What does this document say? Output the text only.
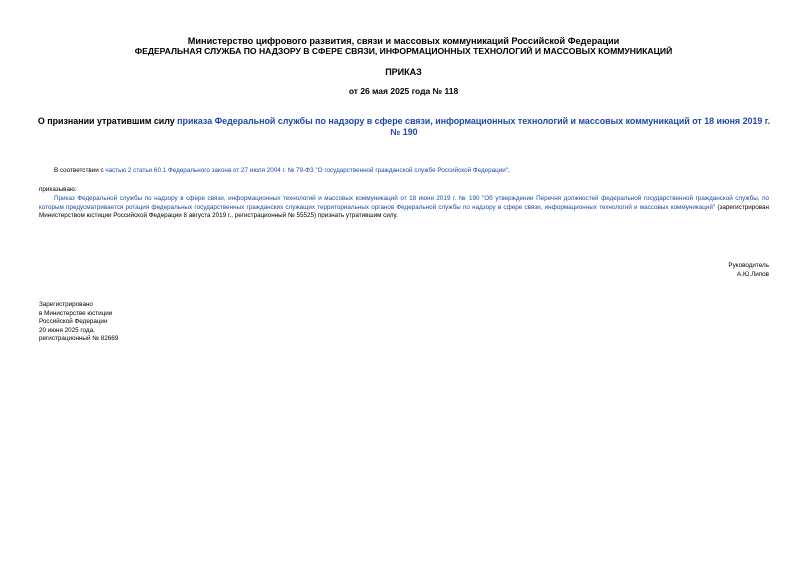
Министерство цифрового развития, связи и массовых коммуникаций Российской Федерации
ФЕДЕРАЛЬНАЯ СЛУЖБА ПО НАДЗОРУ В СФЕРЕ СВЯЗИ, ИНФОРМАЦИОННЫХ ТЕХНОЛОГИЙ И МАССОВЫХ КОММУНИКАЦИЙ
ПРИКАЗ
от 26 мая 2025 года № 118
О признании утратившим силу приказа Федеральной службы по надзору в сфере связи, информационных технологий и массовых коммуникаций от 18 июня 2019 г. № 190
В соответствии с частью 2 статьи 60.1 Федерального закона от 27 июля 2004 г. № 79-ФЗ "О государственной гражданской службе Российской Федерации",
приказываю:
Приказ Федеральной службы по надзору в сфере связи, информационных технологий и массовых коммуникаций от 18 июня 2019 г. № 190 "Об утверждении Перечня должностей федеральной государственной гражданской службы, по которым предусматривается ротация федеральных государственных гражданских служащих территориальных органов Федеральной службы по надзору в сфере связи, информационных технологий и массовых коммуникаций" (зарегистрирован Министерством юстиции Российской Федерации 8 августа 2019 г., регистрационный № 55525) признать утратившим силу.
Руководитель
А.Ю.Липов
Зарегистрировано
в Министерстве юстиции
Российской Федерации
20 июня 2025 года,
регистрационный № 82669
